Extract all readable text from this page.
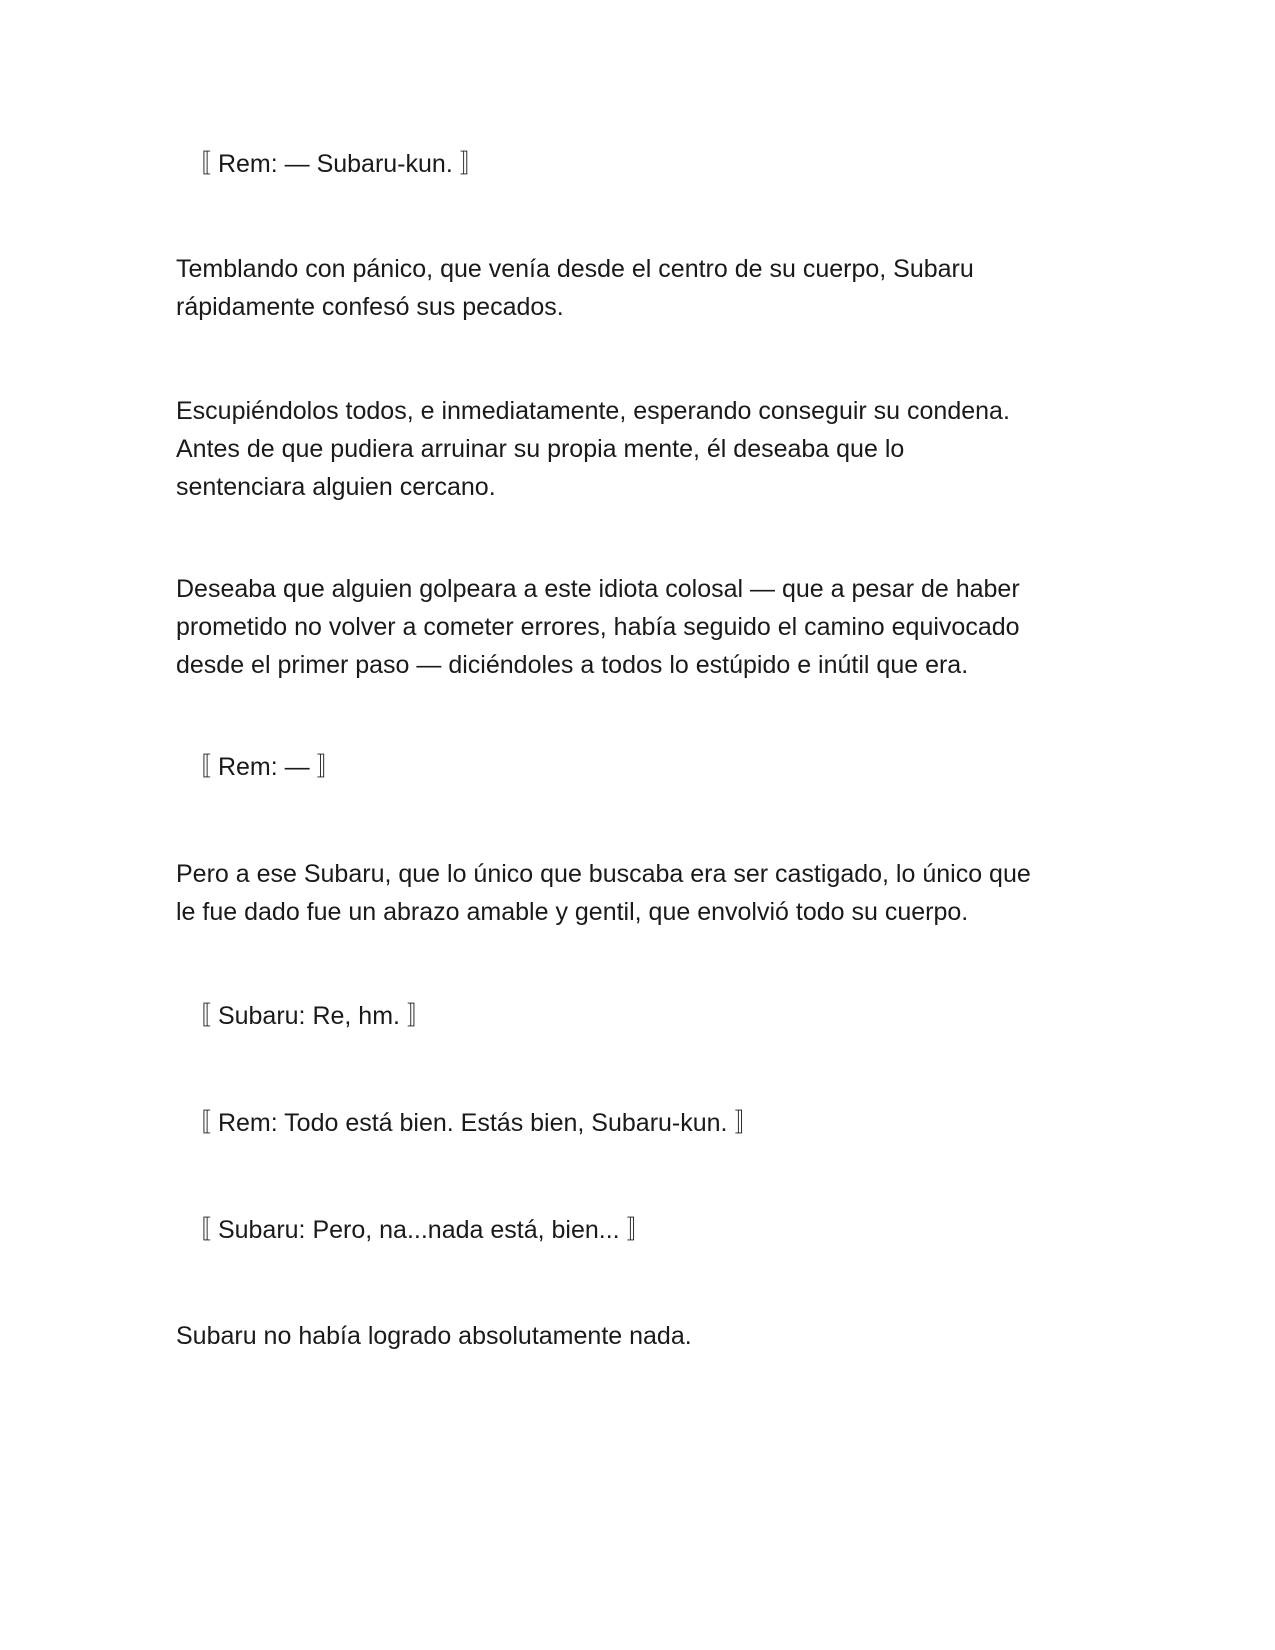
〚 Rem: — Subaru-kun. 〛

Temblando con pánico, que venía desde el centro de su cuerpo, Subaru
rápidamente confesó sus pecados.

Escupiéndolos todos, e inmediatamente, esperando conseguir su condena.
Antes de que pudiera arruinar su propia mente, él deseaba que lo
sentenciara alguien cercano.

Deseaba que alguien golpeara a este idiota colosal — que a pesar de haber
prometido no volver a cometer errores, había seguido el camino equivocado
desde el primer paso — diciéndoles a todos lo estúpido e inútil que era.

〚 Rem: — 〛

Pero a ese Subaru, que lo único que buscaba era ser castigado, lo único que
le fue dado fue un abrazo amable y gentil, que envolvió todo su cuerpo.

〚 Subaru: Re, hm. 〛

〚 Rem: Todo está bien. Estás bien, Subaru-kun. 〛

〚 Subaru: Pero, na...nada está, bien... 〛

Subaru no había logrado absolutamente nada.
